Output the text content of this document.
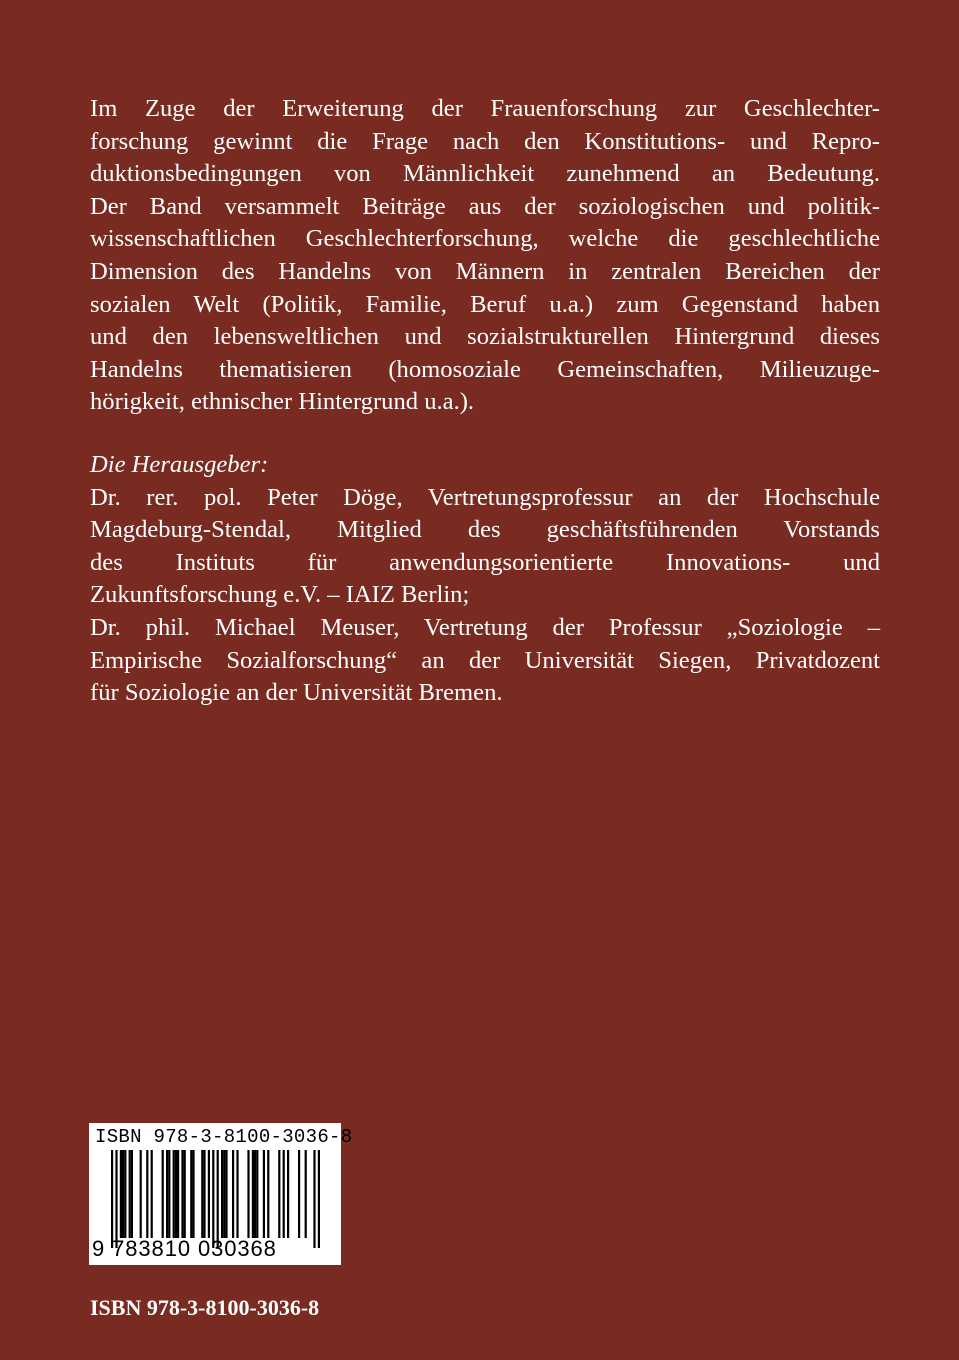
Im Zuge der Erweiterung der Frauenforschung zur Geschlechter-
forschung gewinnt die Frage nach den Konstitutions- und Repro-
duktionsbedingungen von Männlichkeit zunehmend an Bedeutung.
Der Band versammelt Beiträge aus der soziologischen und politik-
wissenschaftlichen Geschlechterforschung, welche die geschlechtliche
Dimension des Handelns von Männern in zentralen Bereichen der
sozialen Welt (Politik, Familie, Beruf u.a.) zum Gegenstand haben
und den lebensweltlichen und sozialstrukturellen Hintergrund dieses
Handelns thematisieren (homosoziale Gemeinschaften, Milieuzuge-
hörigkeit, ethnischer Hintergrund u.a.).
Die Herausgeber:
Dr. rer. pol. Peter Döge, Vertretungsprofessur an der Hochschule
Magdeburg-Stendal, Mitglied des geschäftsführenden Vorstands
des Instituts für anwendungsorientierte Innovations- und
Zukunftsforschung e.V. – IAIZ Berlin;
Dr. phil. Michael Meuser, Vertretung der Professur „Soziologie –
Empirische Sozialforschung“ an der Universität Siegen, Privatdozent
für Soziologie an der Universität Bremen.
ISBN 978-3-8100-3036-8
9 783810 030368
ISBN 978-3-8100-3036-8
